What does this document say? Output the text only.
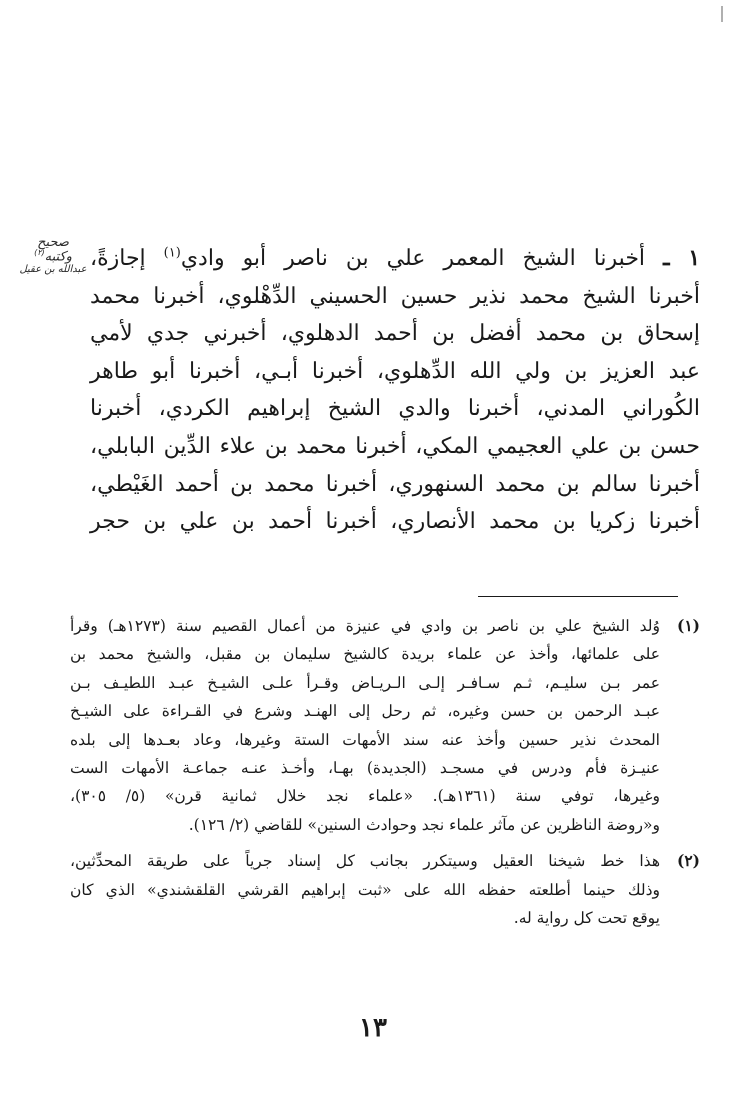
صحيح وكتبه$^{(٢)}$
عبدالله بن عقيل	١ ـ أخبرنا الشيخ المعمر علي بن ناصر أبو وادي$^{(١)}$ إجازةً،
أخبرنا الشيخ محمد نذير حسين الحسيني الدِّهْلوي، أخبرنا محمد
إسحاق بن محمد أفضل بن أحمد الدهلوي، أخبرني جدي لأمي
عبد العزيز بن ولي الله الدِّهلوي، أخبرنا أبـي، أخبرنا أبو طاهر
الكُوراني المدني، أخبرنا والدي الشيخ إبراهيم الكردي، أخبرنا
حسن بن علي العجيمي المكي، أخبرنا محمد بن علاء الدِّين البابلي،
أخبرنا سالم بن محمد السنهوري، أخبرنا محمد بن أحمد الغَيْطي،
أخبرنا زكريا بن محمد الأنصاري، أخبرنا أحمد بن علي بن حجر
(١)
وُلد الشيخ علي بن ناصر بن وادي في عنيزة من أعمال القصيم سنة (١٢٧٣هـ) وقرأ
على علمائها، وأخذ عن علماء بريدة كالشيخ سليمان بن مقبل، والشيخ محمد بن
عمر بـن سليـم، ثـم سـافـر إلـى الـريـاض وقـرأ علـى الشيـخ عبـد اللطيـف بـن
عبـد الرحمن بن حسن وغيره، ثم رحل إلى الهنـد وشرع في القـراءة على الشيـخ
المحدث نذير حسين وأخذ عنه سند الأمهات الستة وغيرها، وعاد بعـدها إلى بلده
عنيـزة فأم ودرس في مسجـد (الجديدة) بهـا، وأخـذ عنـه جماعـة الأمهات الست
وغيرها، توفي سنة (١٣٦١هـ). «علماء نجد خلال ثمانية قرن» (٥/ ٣٠٥)،
و«روضة الناظرين عن مآثر علماء نجد وحوادث السنين» للقاضي (٢/ ١٢٦).
(٢)
هذا خط شيخنا العقيل وسيتكرر بجانب كل إسناد جرياً على طريقة المحدِّثين،
وذلك حينما أطلعته حفظه الله على «ثبت إبراهيم القرشي القلقشندي» الذي كان
يوقع تحت كل رواية له.
١٣
